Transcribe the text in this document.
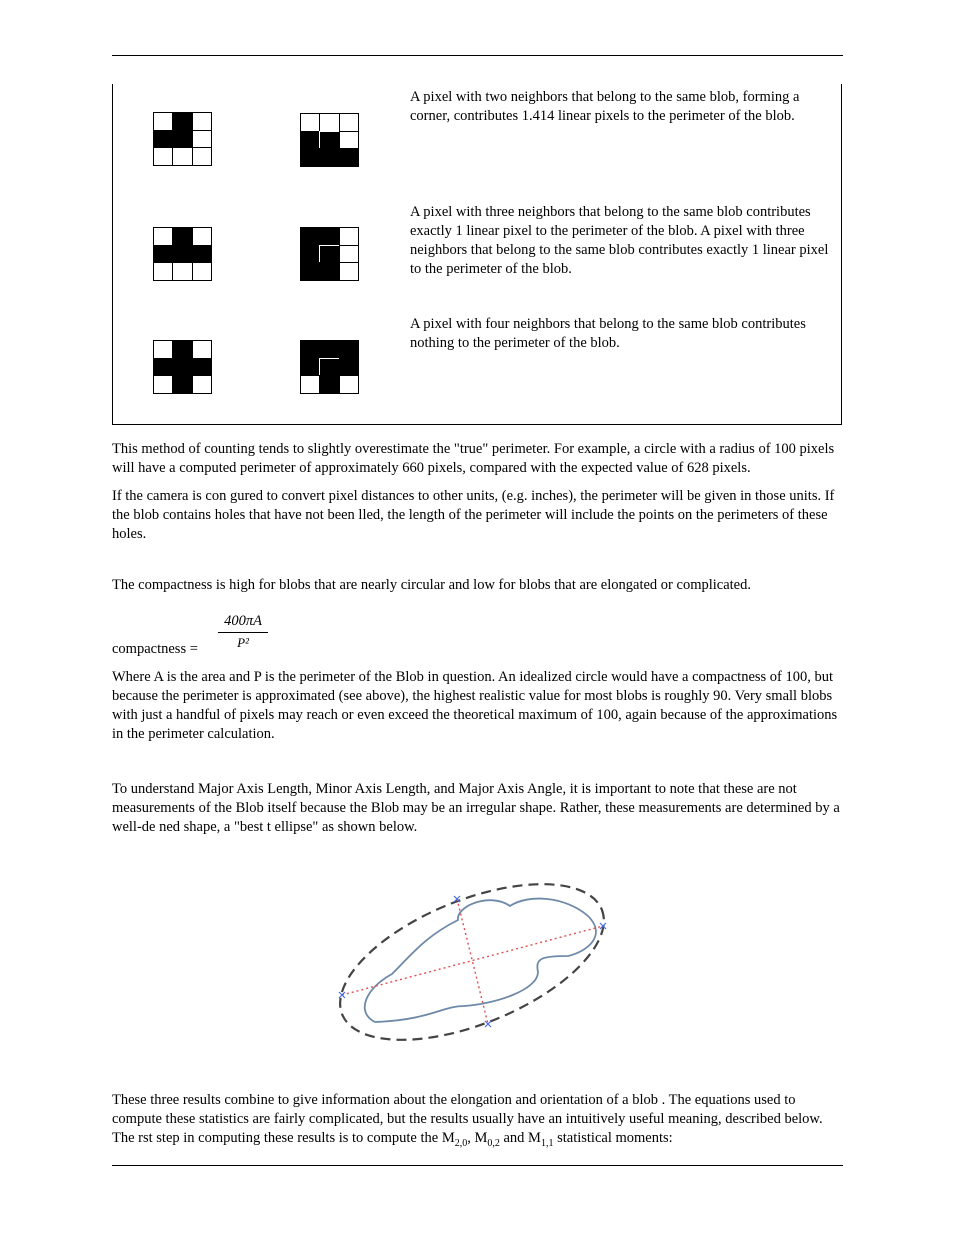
A pixel with two neighbors that belong to the same blob, forming a corner, contributes 1.414 linear pixels to the perimeter of the blob.
A pixel with three neighbors that belong to the same blob contributes exactly 1 linear pixel to the perimeter of the blob. A pixel with three neighbors that belong to the same blob contributes exactly 1 linear pixel to the perimeter of the blob.
A pixel with four neighbors that belong to the same blob contributes nothing to the perimeter of the blob.

This method of counting tends to slightly overestimate the "true" perimeter. For example, a circle with a radius of 100 pixels will have a computed perimeter of approximately 660 pixels, compared with the expected value of 628 pixels.

If the camera is con gured to convert pixel distances to other units, (e.g. inches), the perimeter will be given in those units. If the blob contains holes that have not been lled, the length of the perimeter will include the points on the perimeters of these holes.

The compactness is high for blobs that are nearly circular and low for blobs that are elongated or complicated.

$\frac{400\pi A}{\text{P²}}$

compactness =

Where A is the area and P is the perimeter of the Blob in question. An idealized circle would have a compactness of 100, but because the perimeter is approximated (see above), the highest realistic value for most blobs is roughly 90. Very small blobs with just a handful of pixels may reach or even exceed the theoretical maximum of 100, again because of the approximations in the perimeter calculation.

To understand Major Axis Length, Minor Axis Length, and Major Axis Angle, it is important to note that these are not measurements of the Blob itself because the Blob may be an irregular shape. Rather, these measurements are determined by a well-de ned shape, a "best t ellipse" as shown below.

These three results combine to give information about the elongation and orientation of a blob . The equations used to compute these statistics are fairly complicated, but the results usually have an intuitively useful meaning, described below. The rst step in computing these results is to compute the $M_{2,0}$, $M_{0,2}$ and $M_{1,1}$ statistical moments:
